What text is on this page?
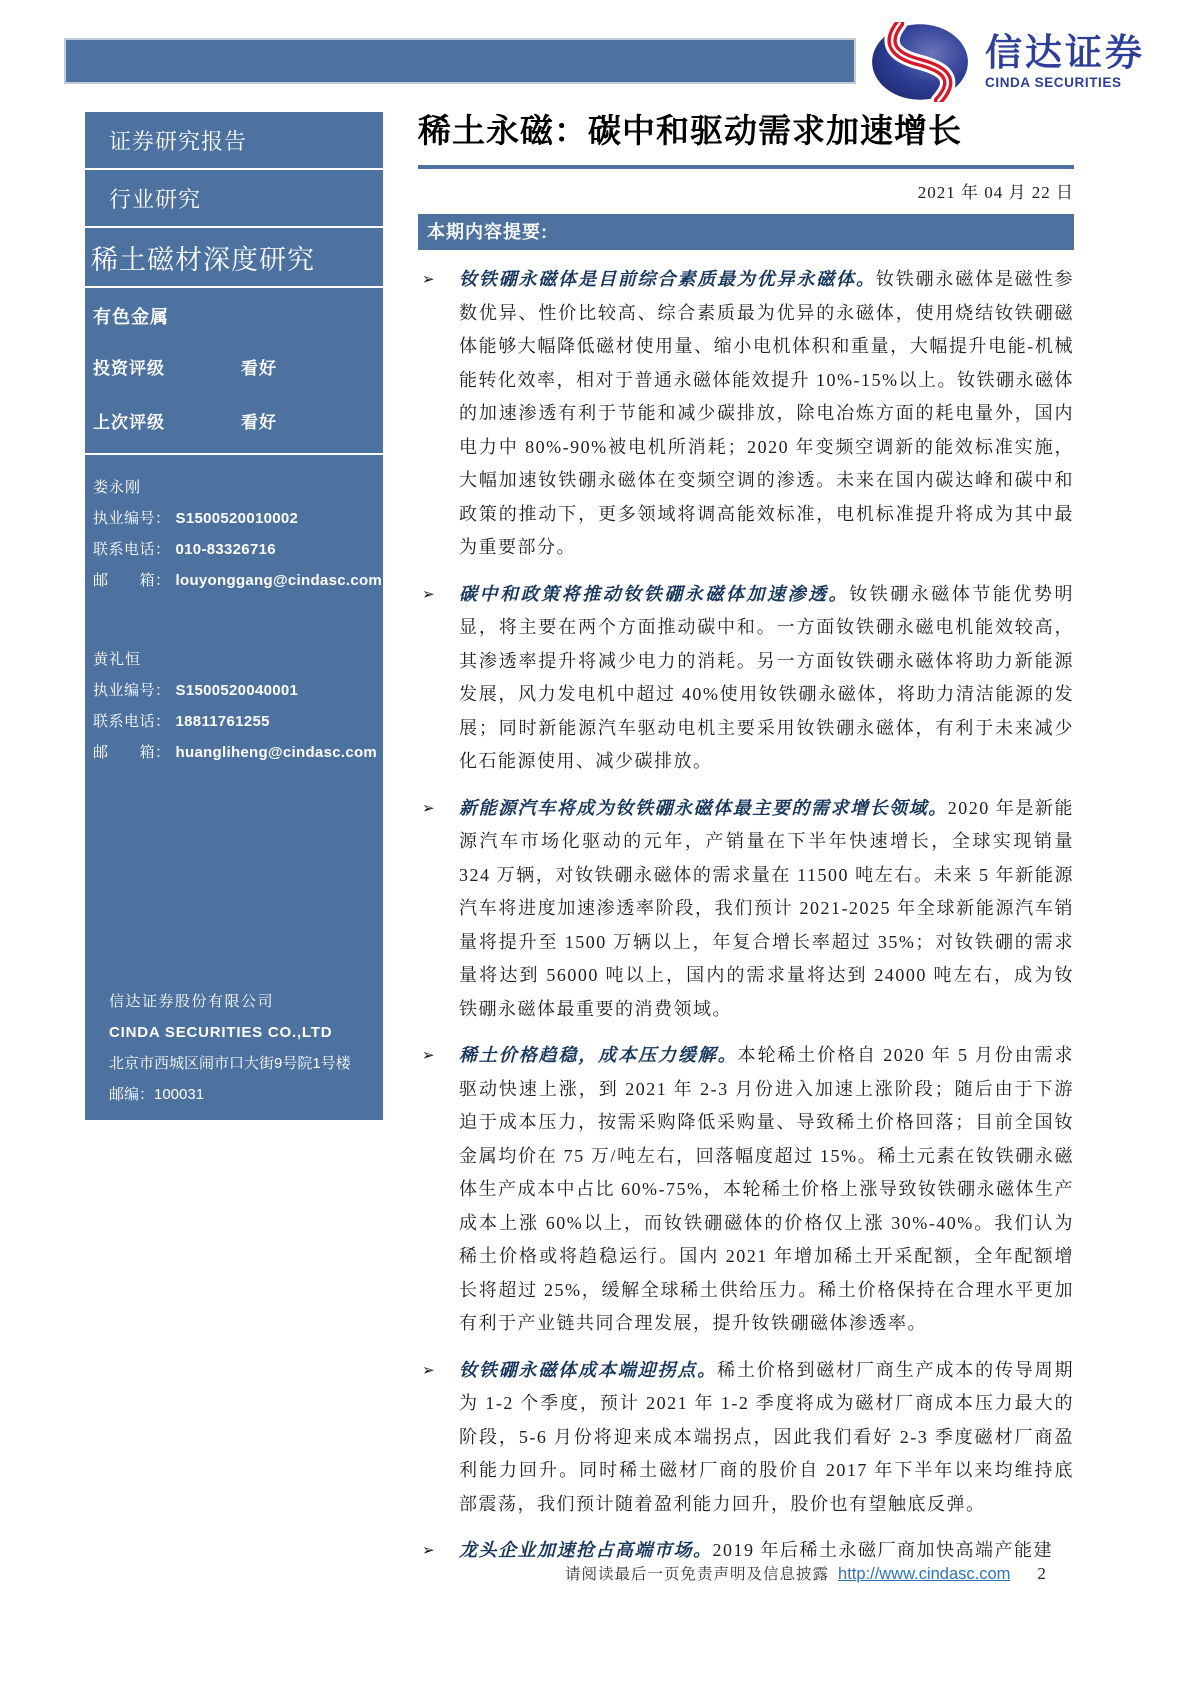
信达证券
CINDA SECURITIES
证券研究报告
行业研究
稀土磁材深度研究
有色金属
投资评级	看好
上次评级	看好
娄永刚
执业编号： S1500520010002
联系电话： 010-83326716
邮　　箱： louyonggang@cindasc.com
黄礼恒
执业编号： S1500520040001
联系电话： 18811761255
邮　　箱： huangliheng@cindasc.com
信达证券股份有限公司
CINDA SECURITIES CO.,LTD
北京市西城区闹市口大街9号院1号楼
邮编：100031
稀土永磁：碳中和驱动需求加速增长
2021 年 04 月 22 日
本期内容提要:
➢	钕铁硼永磁体是目前综合素质最为优异永磁体。钕铁硼永磁体是磁性参数优异、性价比较高、综合素质最为优异的永磁体，使用烧结钕铁硼磁体能够大幅降低磁材使用量、缩小电机体积和重量，大幅提升电能-机械能转化效率，相对于普通永磁体能效提升 10%-15%以上。钕铁硼永磁体的加速渗透有利于节能和减少碳排放，除电冶炼方面的耗电量外，国内电力中 80%-90%被电机所消耗；2020 年变频空调新的能效标准实施，大幅加速钕铁硼永磁体在变频空调的渗透。未来在国内碳达峰和碳中和政策的推动下，更多领域将调高能效标准，电机标准提升将成为其中最为重要部分。

➢	碳中和政策将推动钕铁硼永磁体加速渗透。钕铁硼永磁体节能优势明显，将主要在两个方面推动碳中和。一方面钕铁硼永磁电机能效较高，其渗透率提升将减少电力的消耗。另一方面钕铁硼永磁体将助力新能源发展，风力发电机中超过 40%使用钕铁硼永磁体，将助力清洁能源的发展；同时新能源汽车驱动电机主要采用钕铁硼永磁体，有利于未来减少化石能源使用、减少碳排放。

➢	新能源汽车将成为钕铁硼永磁体最主要的需求增长领域。2020 年是新能源汽车市场化驱动的元年，产销量在下半年快速增长，全球实现销量 324 万辆，对钕铁硼永磁体的需求量在 11500 吨左右。未来 5 年新能源汽车将进度加速渗透率阶段，我们预计 2021-2025 年全球新能源汽车销量将提升至 1500 万辆以上，年复合增长率超过 35%；对钕铁硼的需求量将达到 56000 吨以上，国内的需求量将达到 24000 吨左右，成为钕铁硼永磁体最重要的消费领域。

➢	稀土价格趋稳，成本压力缓解。本轮稀土价格自 2020 年 5 月份由需求驱动快速上涨，到 2021 年 2-3 月份进入加速上涨阶段；随后由于下游迫于成本压力，按需采购降低采购量、导致稀土价格回落；目前全国钕金属均价在 75 万/吨左右，回落幅度超过 15%。稀土元素在钕铁硼永磁体生产成本中占比 60%-75%，本轮稀土价格上涨导致钕铁硼永磁体生产成本上涨 60%以上，而钕铁硼磁体的价格仅上涨 30%-40%。我们认为稀土价格或将趋稳运行。国内 2021 年增加稀土开采配额，全年配额增长将超过 25%，缓解全球稀土供给压力。稀土价格保持在合理水平更加有利于产业链共同合理发展，提升钕铁硼磁体渗透率。

➢	钕铁硼永磁体成本端迎拐点。稀土价格到磁材厂商生产成本的传导周期为 1-2 个季度，预计 2021 年 1-2 季度将成为磁材厂商成本压力最大的阶段，5-6 月份将迎来成本端拐点，因此我们看好 2-3 季度磁材厂商盈利能力回升。同时稀土磁材厂商的股价自 2017 年下半年以来均维持底部震荡，我们预计随着盈利能力回升，股价也有望触底反弹。

➢	龙头企业加速抢占高端市场。2019 年后稀土永磁厂商加快高端产能建

请阅读最后一页免责声明及信息披露 http://www.cindasc.com 2
